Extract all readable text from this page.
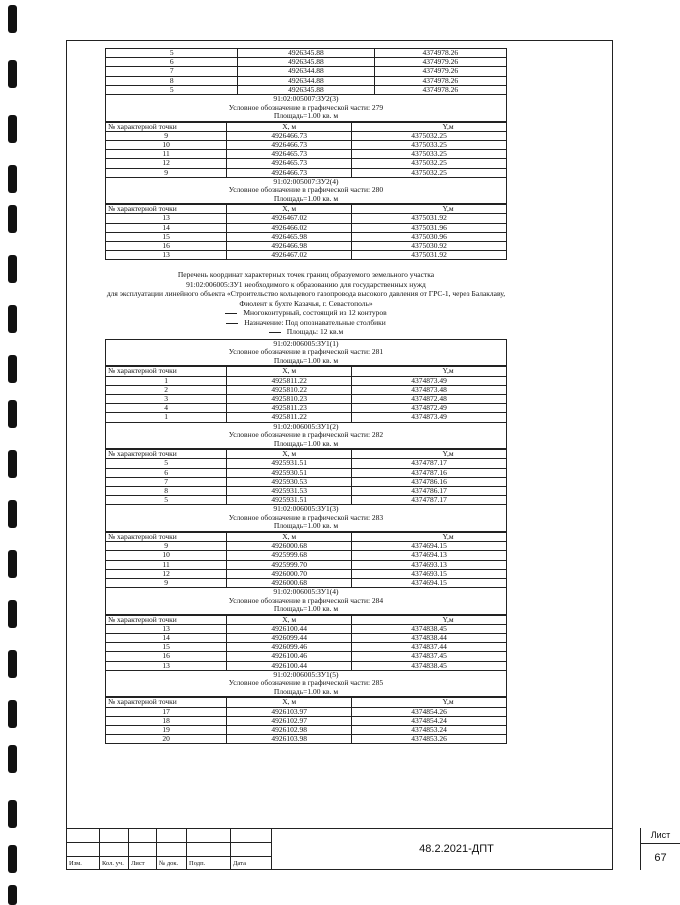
5	4926345.88	4374978.26
6	4926345.88	4374979.26
7	4926344.88	4374979.26
8	4926344.88	4374978.26
5	4926345.88	4374978.26
91:02:005007:ЗУ2(3)
Условное обозначение в графической части: 279
Площадь=1.00 кв. м
№ характерной точки	X, м	Y,м
9	4926466.73	4375032.25
10	4926466.73	4375033.25
11	4926465.73	4375033.25
12	4926465.73	4375032.25
9	4926466.73	4375032.25
91:02:005007:ЗУ2(4)
Условное обозначение в графической части: 280
Площадь=1.00 кв. м
№ характерной точки	X, м	Y,м
13	4926467.02	4375031.92
14	4926466.02	4375031.96
15	4926465.98	4375030.96
16	4926466.98	4375030.92
13	4926467.02	4375031.92
Перечень координат характерных точек границ образуемого земельного участка
91:02:006005:ЗУ1 необходимого к образованию для государственных нужд
для эксплуатации линейного объекта «Строительство кольцевого газопровода высокого давления от ГРС-1, через Балаклаву,
Фиолент к бухте Казачья, г. Севастополь»
Многоконтурный, состоящий из 12 контуров
Назначение: Под опознавательные столбики
Площадь: 12 кв.м
91:02:006005:ЗУ1(1)
Условное обозначение в графической части: 281
Площадь=1.00 кв. м
№ характерной точки	X, м	Y,м
1	4925811.22	4374873.49
2	4925810.22	4374873.48
3	4925810.23	4374872.48
4	4925811.23	4374872.49
1	4925811.22	4374873.49
91:02:006005:ЗУ1(2)
Условное обозначение в графической части: 282
Площадь=1.00 кв. м
№ характерной точки	X, м	Y,м
5	4925931.51	4374787.17
6	4925930.51	4374787.16
7	4925930.53	4374786.16
8	4925931.53	4374786.17
5	4925931.51	4374787.17
91:02:006005:ЗУ1(3)
Условное обозначение в графической части: 283
Площадь=1.00 кв. м
№ характерной точки	X, м	Y,м
9	4926000.68	4374694.15
10	4925999.68	4374694.13
11	4925999.70	4374693.13
12	4926000.70	4374693.15
9	4926000.68	4374694.15
91:02:006005:ЗУ1(4)
Условное обозначение в графической части: 284
Площадь=1.00 кв. м
№ характерной точки	X, м	Y,м
13	4926100.44	4374838.45
14	4926099.44	4374838.44
15	4926099.46	4374837.44
16	4926100.46	4374837.45
13	4926100.44	4374838.45
91:02:006005:ЗУ1(5)
Условное обозначение в графической части: 285
Площадь=1.00 кв. м
№ характерной точки	X, м	Y,м
17	4926103.97	4374854.26
18	4926102.97	4374854.24
19	4926102.98	4374853.24
20	4926103.98	4374853.26
Изм.	Кол. уч. Лист № док. Подп.	Дата
48.2.2021-ДПТ
Лист
67
